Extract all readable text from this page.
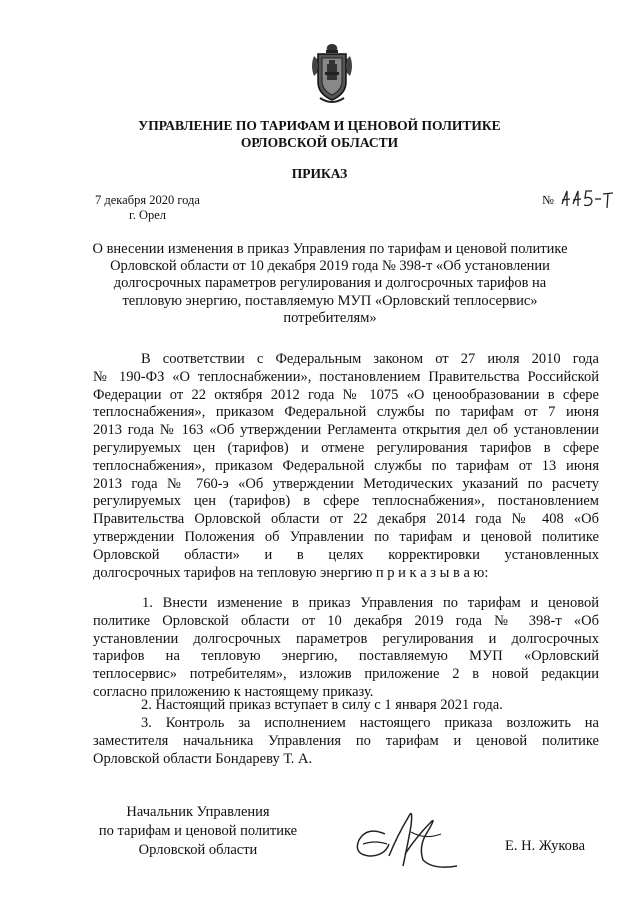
УПРАВЛЕНИЕ ПО ТАРИФАМ И ЦЕНОВОЙ ПОЛИТИКЕ
ОРЛОВСКОЙ ОБЛАСТИ
ПРИКАЗ
7 декабря 2020 года
г. Орел
№
О внесении изменения в приказ Управления по тарифам и ценовой политике
Орловской области от 10 декабря 2019 года № 398-т «Об установлении
долгосрочных параметров регулирования и долгосрочных тарифов на
тепловую энергию, поставляемую МУП «Орловский теплосервис»
потребителям»
В соответствии с Федеральным законом от 27 июля 2010 года
№ 190-ФЗ «О теплоснабжении», постановлением Правительства Российской
Федерации от 22 октября 2012 года № 1075 «О ценообразовании в сфере
теплоснабжения», приказом Федеральной службы по тарифам от 7 июня
2013 года № 163 «Об утверждении Регламента открытия дел об установлении
регулируемых цен (тарифов) и отмене регулирования тарифов в сфере
теплоснабжения», приказом Федеральной службы по тарифам от 13 июня
2013 года № 760-э «Об утверждении Методических указаний по расчету
регулируемых цен (тарифов) в сфере теплоснабжения», постановлением
Правительства Орловской области от 22 декабря 2014 года № 408 «Об
утверждении Положения об Управлении по тарифам и ценовой политике
Орловской области» и в целях корректировки установленных
долгосрочных тарифов на тепловую энергию п р и к а з ы в а ю:
1. Внести изменение в приказ Управления по тарифам и ценовой
политике Орловской области от 10 декабря 2019 года № 398-т «Об
установлении долгосрочных параметров регулирования и долгосрочных
тарифов на тепловую энергию, поставляемую МУП «Орловский
теплосервис» потребителям», изложив приложение 2 в новой редакции
согласно приложению к настоящему приказу.
2. Настоящий приказ вступает в силу с 1 января 2021 года.
3. Контроль за исполнением настоящего приказа возложить на
заместителя начальника Управления по тарифам и ценовой политике
Орловской области Бондареву Т. А.
Начальник Управления
по тарифам и ценовой политике
Орловской области	Е. Н. Жукова
